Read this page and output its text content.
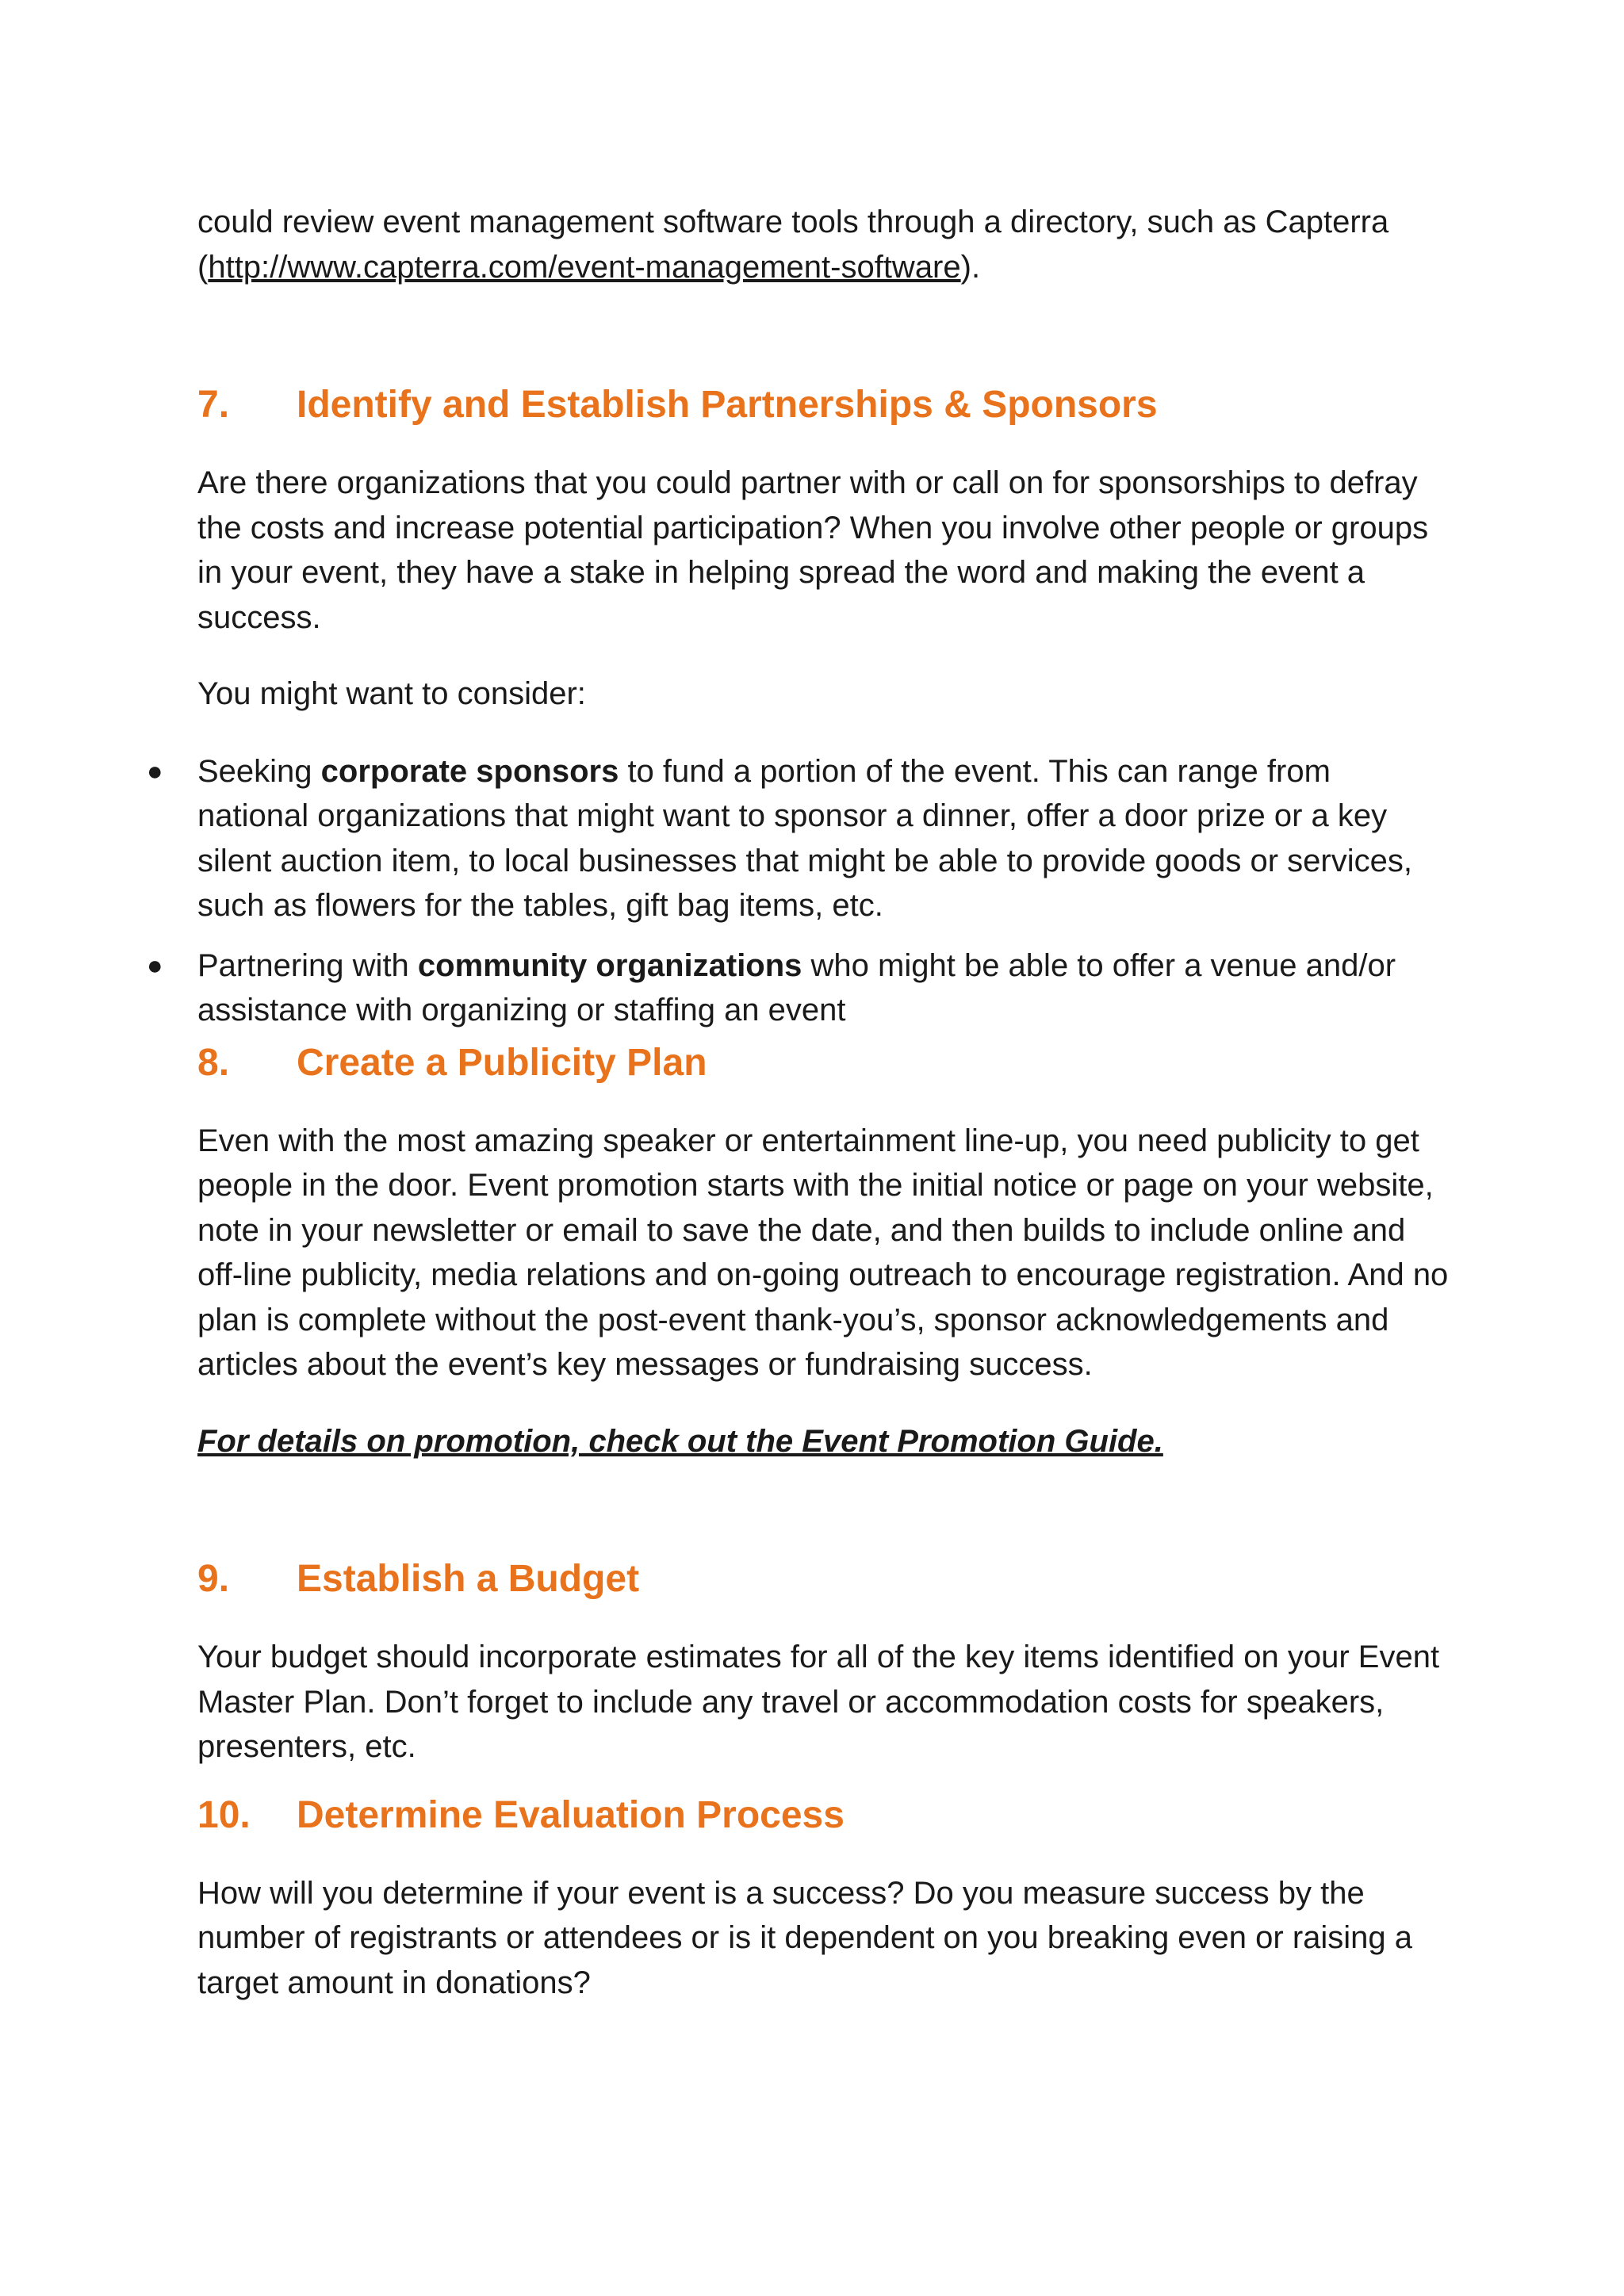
could review event management software tools through a directory, such as Capterra (http://www.capterra.com/event-management-software).

7.	Identify and Establish Partnerships & Sponsors

Are there organizations that you could partner with or call on for sponsorships to defray the costs and increase potential participation? When you involve other people or groups in your event, they have a stake in helping spread the word and making the event a success.

You might want to consider:

● Seeking corporate sponsors to fund a portion of the event. This can range from national organizations that might want to sponsor a dinner, offer a door prize or a key silent auction item, to local businesses that might be able to provide goods or services, such as flowers for the tables, gift bag items, etc.
● Partnering with community organizations who might be able to offer a venue and/or assistance with organizing or staffing an event
8.	Create a Publicity Plan

Even with the most amazing speaker or entertainment line-up, you need publicity to get people in the door. Event promotion starts with the initial notice or page on your website, note in your newsletter or email to save the date, and then builds to include online and off-line publicity, media relations and on-going outreach to encourage registration. And no plan is complete without the post-event thank-you’s, sponsor acknowledgements and articles about the event’s key messages or fundraising success.

For details on promotion, check out the Event Promotion Guide.

9.	Establish a Budget

Your budget should incorporate estimates for all of the key items identified on your Event Master Plan. Don’t forget to include any travel or accommodation costs for speakers, presenters, etc.

10.	Determine Evaluation Process

How will you determine if your event is a success? Do you measure success by the number of registrants or attendees or is it dependent on you breaking even or raising a target amount in donations?
